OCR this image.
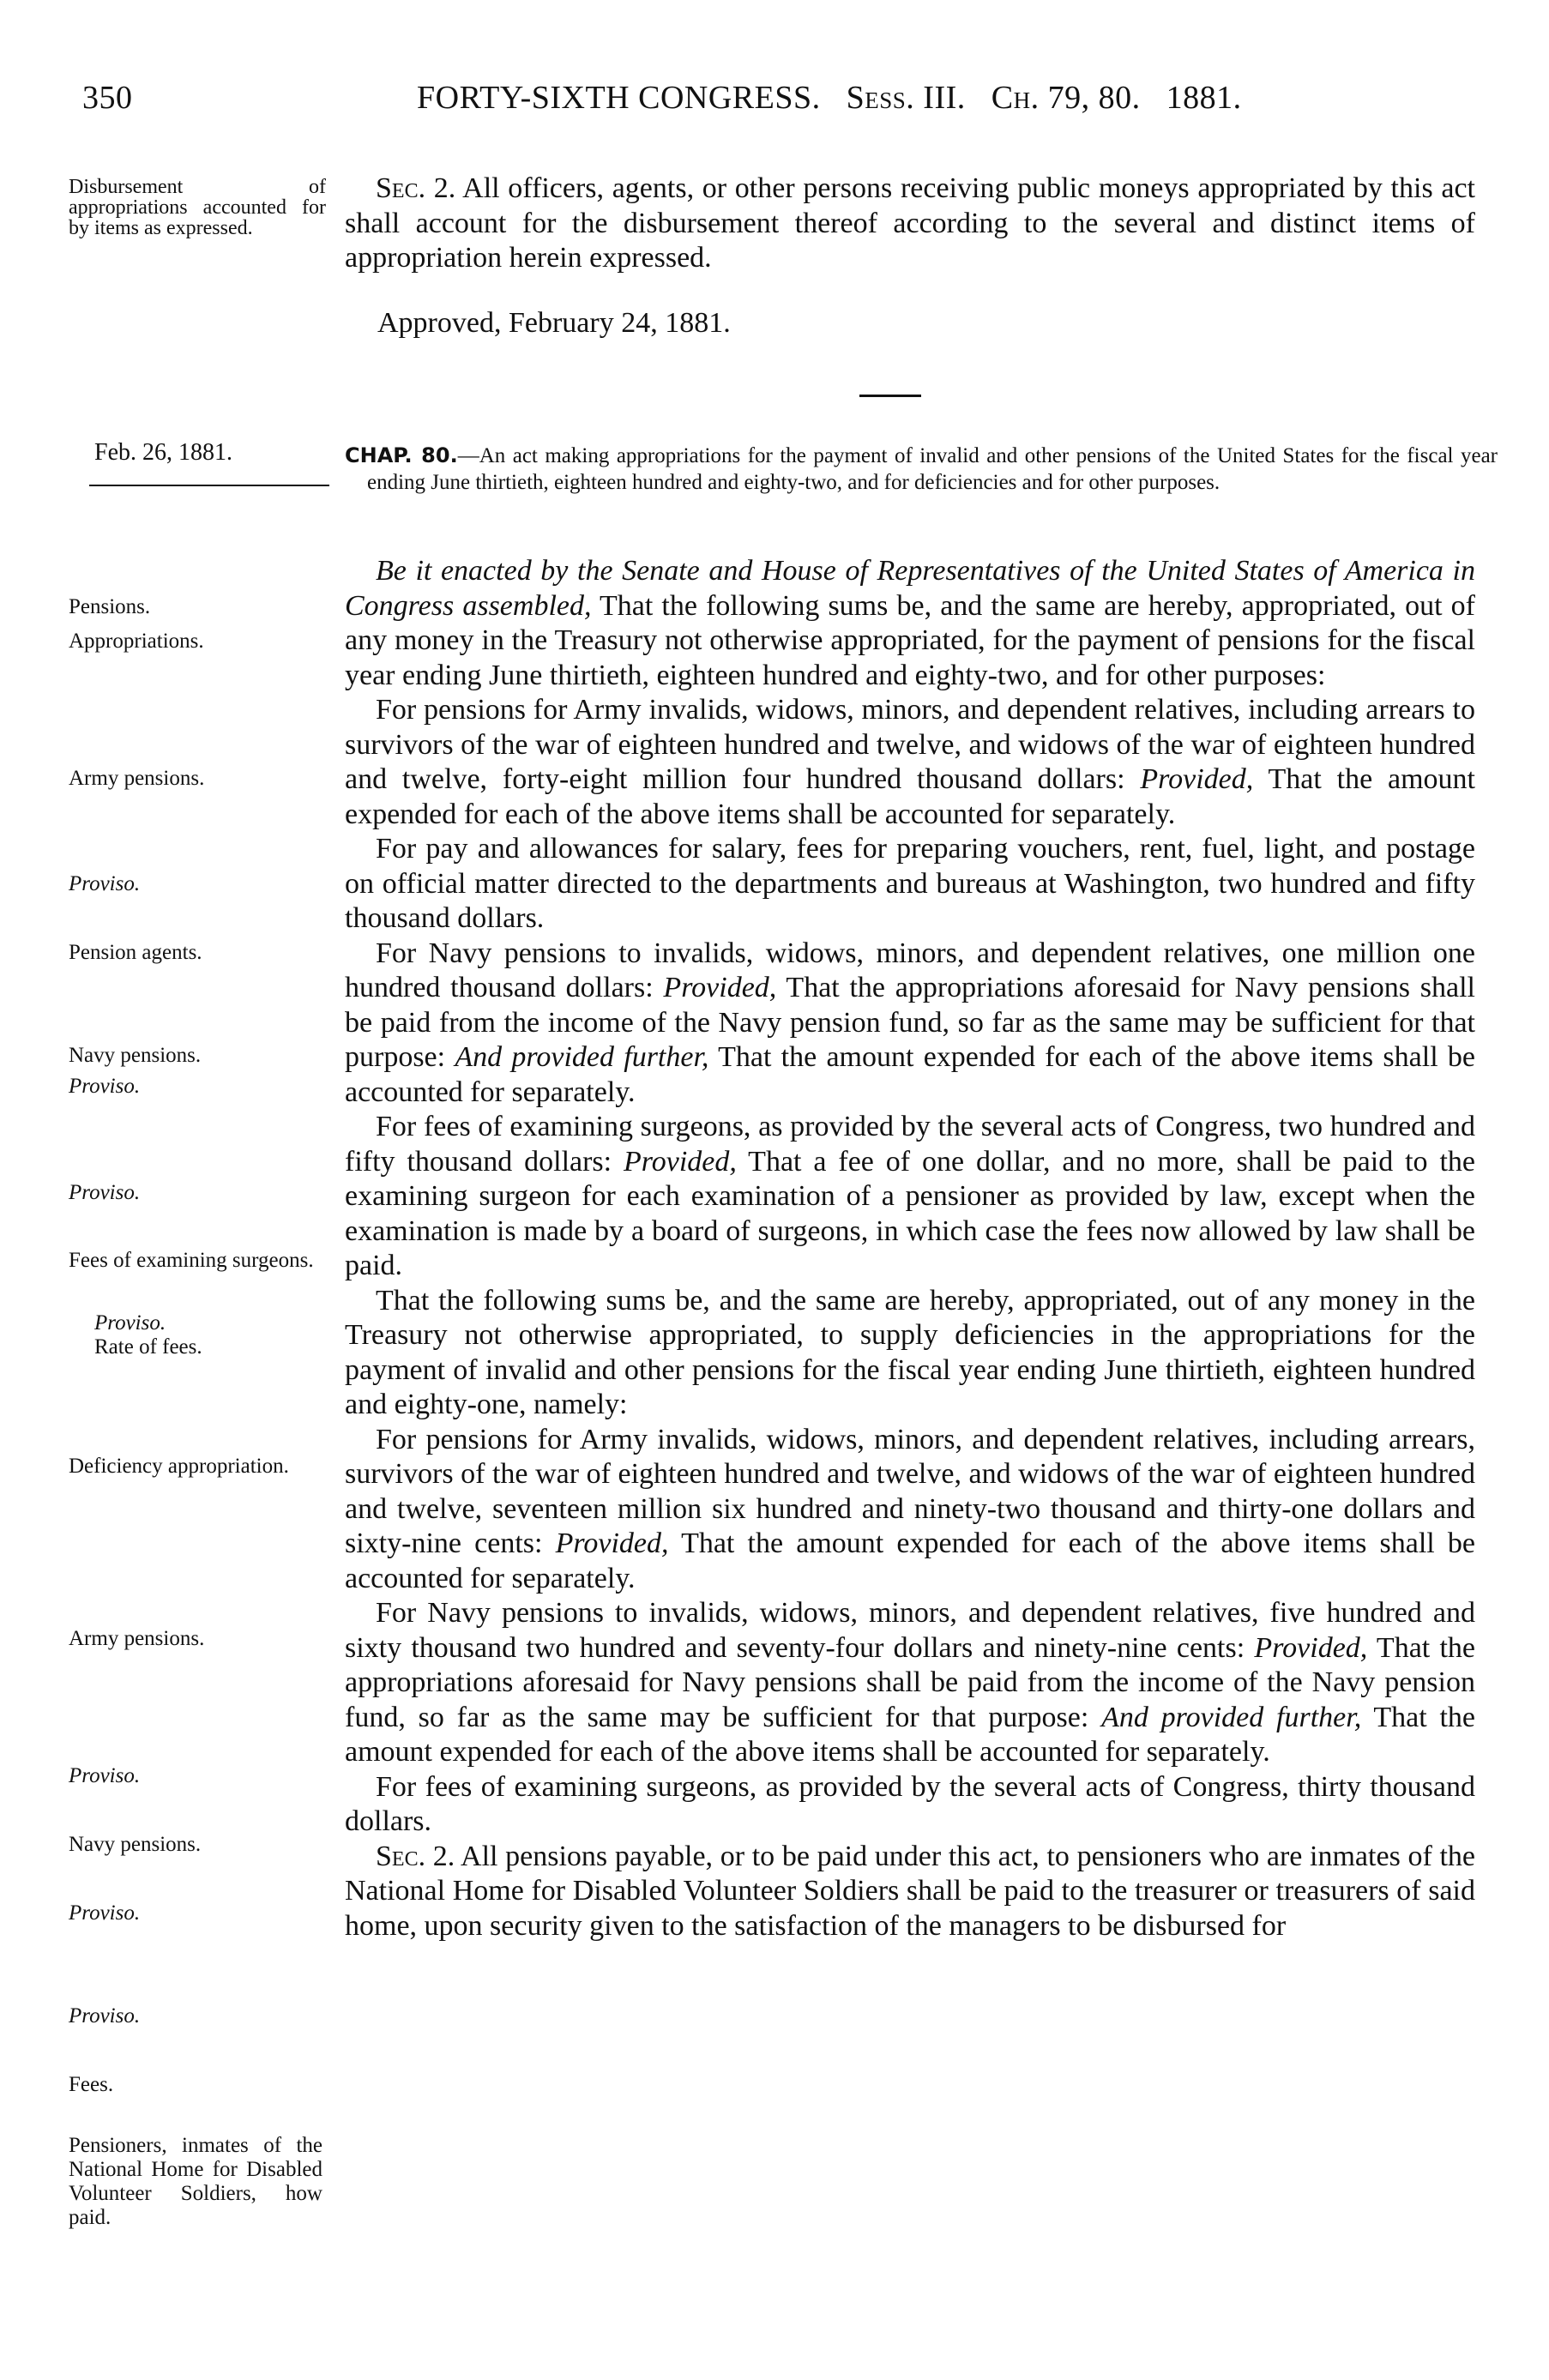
350	FORTY-SIXTH CONGRESS. Sess. III. Ch. 79, 80. 1881.
Disbursement of appropriations accounted for by items as expressed.

Sec. 2. All officers, agents, or other persons receiving public moneys appropriated by this act shall account for the disbursement thereof according to the several and distinct items of appropriation herein expressed.

Approved, February 24, 1881.
Feb. 26, 1881.	CHAP. 80.—An act making appropriations for the payment of invalid and other pensions of the United States for the fiscal year ending June thirtieth, eighteen hundred and eighty-two, and for deficiencies and for other purposes.
Pensions.
Appropriations.
Army pensions.
Proviso.
Pension agents.
Navy pensions.
Proviso.
Proviso.
Fees of examining surgeons.
Proviso.
Rate of fees.
Deficiency appropriation.
Army pensions.
Proviso.
Navy pensions.
Proviso.
Proviso.
Fees.
Pensioners, inmates of the National Home for Disabled Volunteer Soldiers, how paid.

Be it enacted by the Senate and House of Representatives of the United States of America in Congress assembled, That the following sums be, and the same are hereby, appropriated, out of any money in the Treasury not otherwise appropriated, for the payment of pensions for the fiscal year ending June thirtieth, eighteen hundred and eighty-two, and for other purposes:

For pensions for Army invalids, widows, minors, and dependent relatives, including arrears to survivors of the war of eighteen hundred and twelve, and widows of the war of eighteen hundred and twelve, forty-eight million four hundred thousand dollars: Provided, That the amount expended for each of the above items shall be accounted for separately.

For pay and allowances for salary, fees for preparing vouchers, rent, fuel, light, and postage on official matter directed to the departments and bureaus at Washington, two hundred and fifty thousand dollars.

For Navy pensions to invalids, widows, minors, and dependent relatives, one million one hundred thousand dollars: Provided, That the appropriations aforesaid for Navy pensions shall be paid from the income of the Navy pension fund, so far as the same may be sufficient for that purpose: And provided further, That the amount expended for each of the above items shall be accounted for separately.

For fees of examining surgeons, as provided by the several acts of Congress, two hundred and fifty thousand dollars: Provided, That a fee of one dollar, and no more, shall be paid to the examining surgeon for each examination of a pensioner as provided by law, except when the examination is made by a board of surgeons, in which case the fees now allowed by law shall be paid.

That the following sums be, and the same are hereby, appropriated, out of any money in the Treasury not otherwise appropriated, to supply deficiencies in the appropriations for the payment of invalid and other pensions for the fiscal year ending June thirtieth, eighteen hundred and eighty-one, namely:

For pensions for Army invalids, widows, minors, and dependent relatives, including arrears, survivors of the war of eighteen hundred and twelve, and widows of the war of eighteen hundred and twelve, seventeen million six hundred and ninety-two thousand and thirty-one dollars and sixty-nine cents: Provided, That the amount expended for each of the above items shall be accounted for separately.

For Navy pensions to invalids, widows, minors, and dependent relatives, five hundred and sixty thousand two hundred and seventy-four dollars and ninety-nine cents: Provided, That the appropriations aforesaid for Navy pensions shall be paid from the income of the Navy pension fund, so far as the same may be sufficient for that purpose: And provided further, That the amount expended for each of the above items shall be accounted for separately.

For fees of examining surgeons, as provided by the several acts of Congress, thirty thousand dollars.

Sec. 2. All pensions payable, or to be paid under this act, to pensioners who are inmates of the National Home for Disabled Volunteer Soldiers shall be paid to the treasurer or treasurers of said home, upon security given to the satisfaction of the managers to be disbursed for
